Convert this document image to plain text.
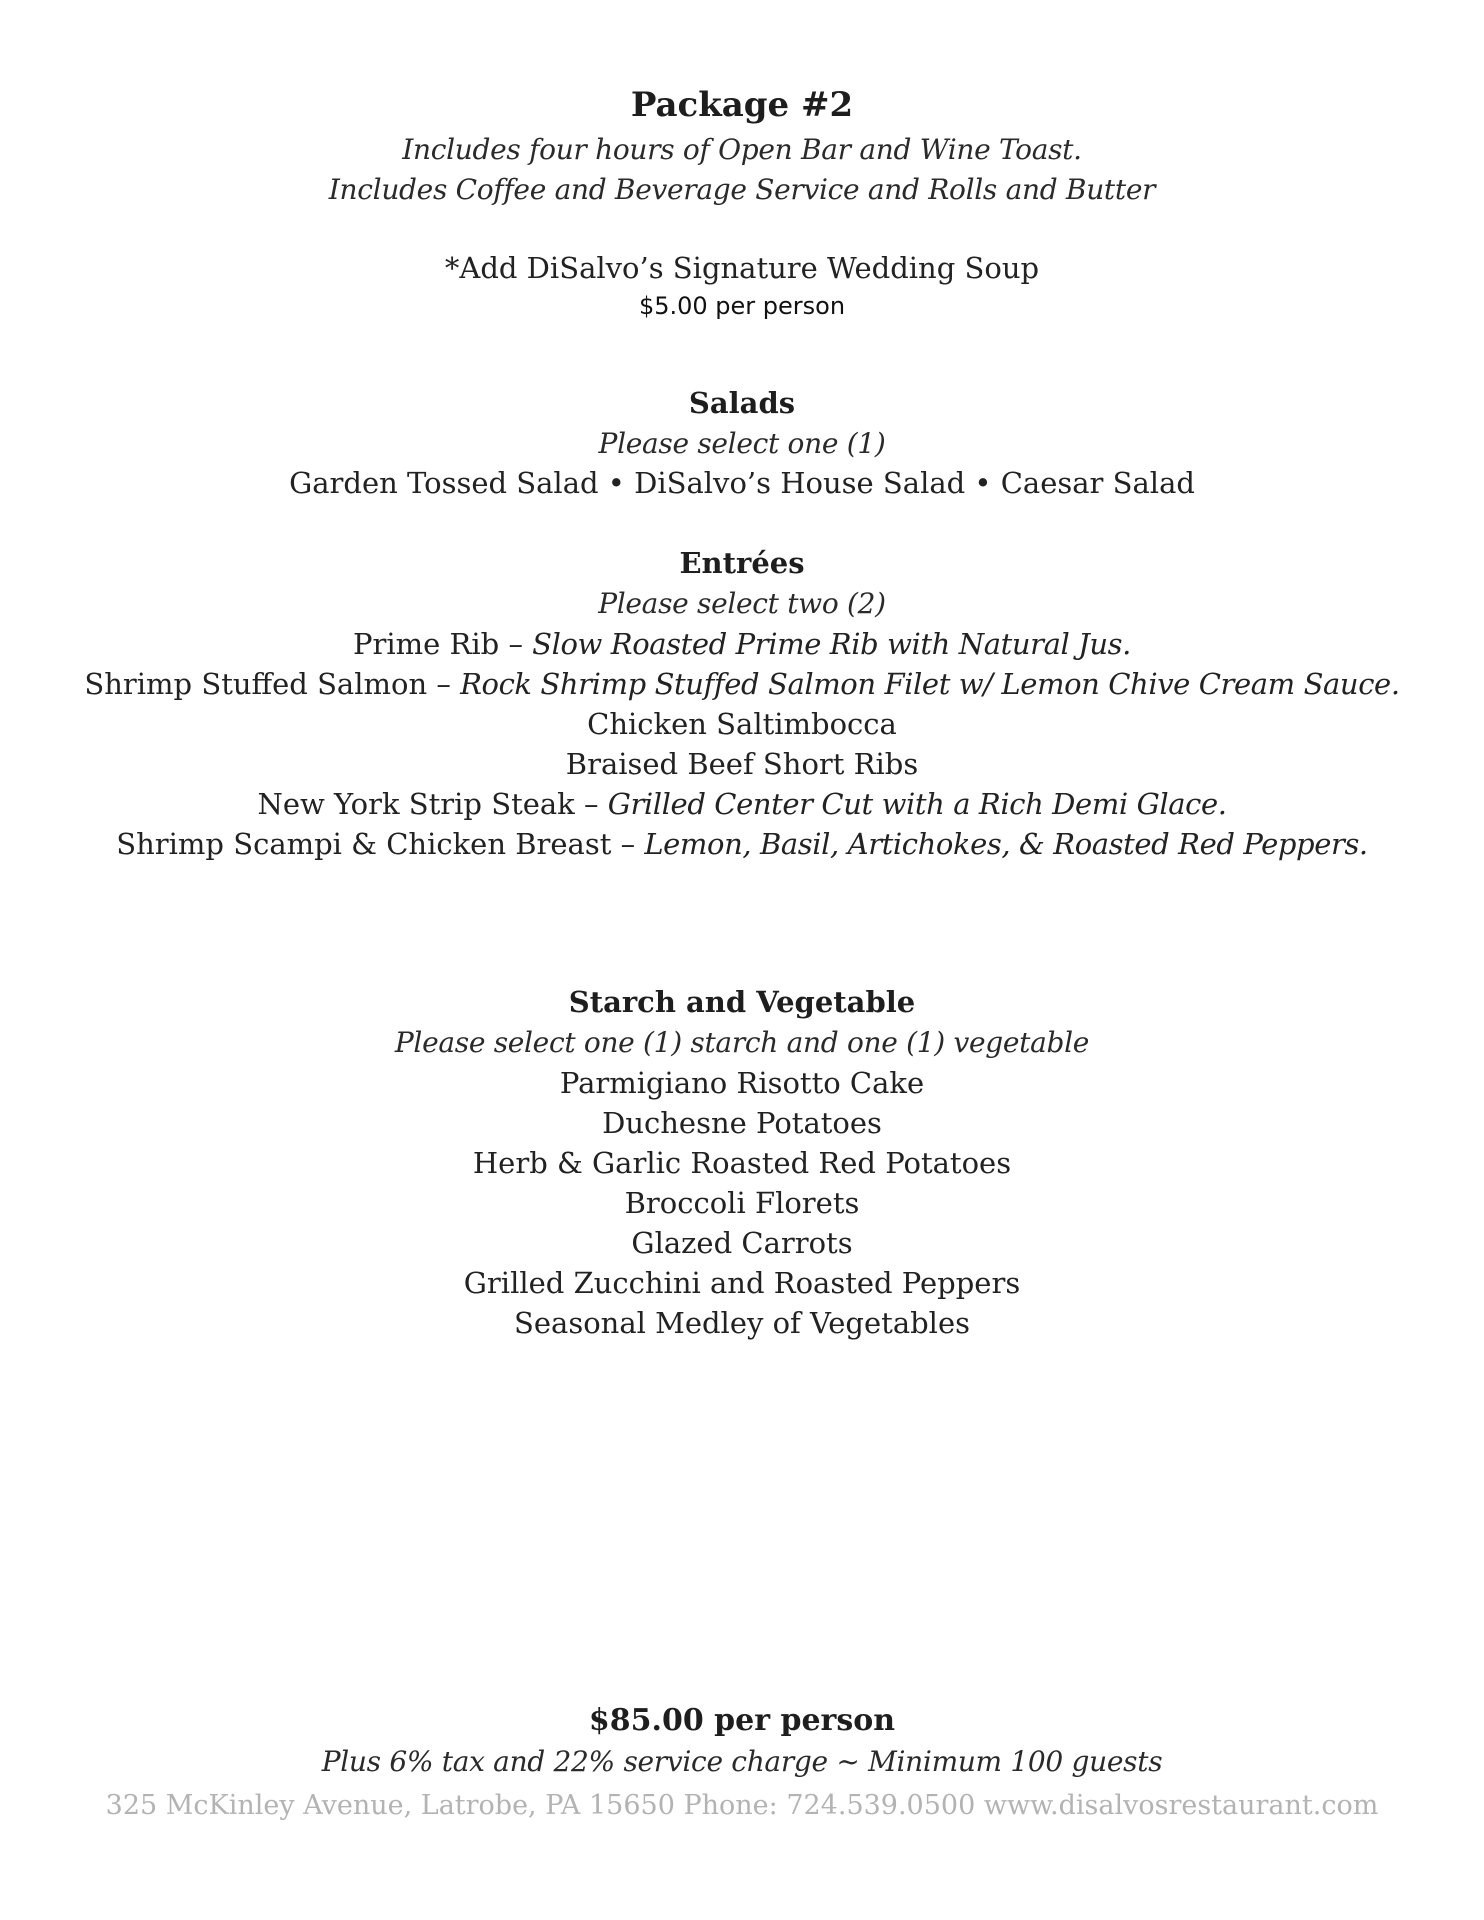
Package #2
Includes four hours of Open Bar and Wine Toast.
Includes Coffee and Beverage Service and Rolls and Butter
*Add DiSalvo’s Signature Wedding Soup
$5.00 per person
Salads
Please select one (1)
Garden Tossed Salad • DiSalvo’s House Salad • Caesar Salad
Entrées
Please select two (2)
Prime Rib – Slow Roasted Prime Rib with Natural Jus.
Shrimp Stuffed Salmon – Rock Shrimp Stuffed Salmon Filet w/ Lemon Chive Cream Sauce.
Chicken Saltimbocca
Braised Beef Short Ribs
New York Strip Steak – Grilled Center Cut with a Rich Demi Glace.
Shrimp Scampi & Chicken Breast – Lemon, Basil, Artichokes, & Roasted Red Peppers.
Starch and Vegetable
Please select one (1) starch and one (1) vegetable
Parmigiano Risotto Cake
Duchesne Potatoes
Herb & Garlic Roasted Red Potatoes
Broccoli Florets
Glazed Carrots
Grilled Zucchini and Roasted Peppers
Seasonal Medley of Vegetables
$85.00 per person
Plus 6% tax and 22% service charge ~ Minimum 100 guests
325 McKinley Avenue, Latrobe, PA 15650 Phone: 724.539.0500 www.disalvosrestaurant.com
